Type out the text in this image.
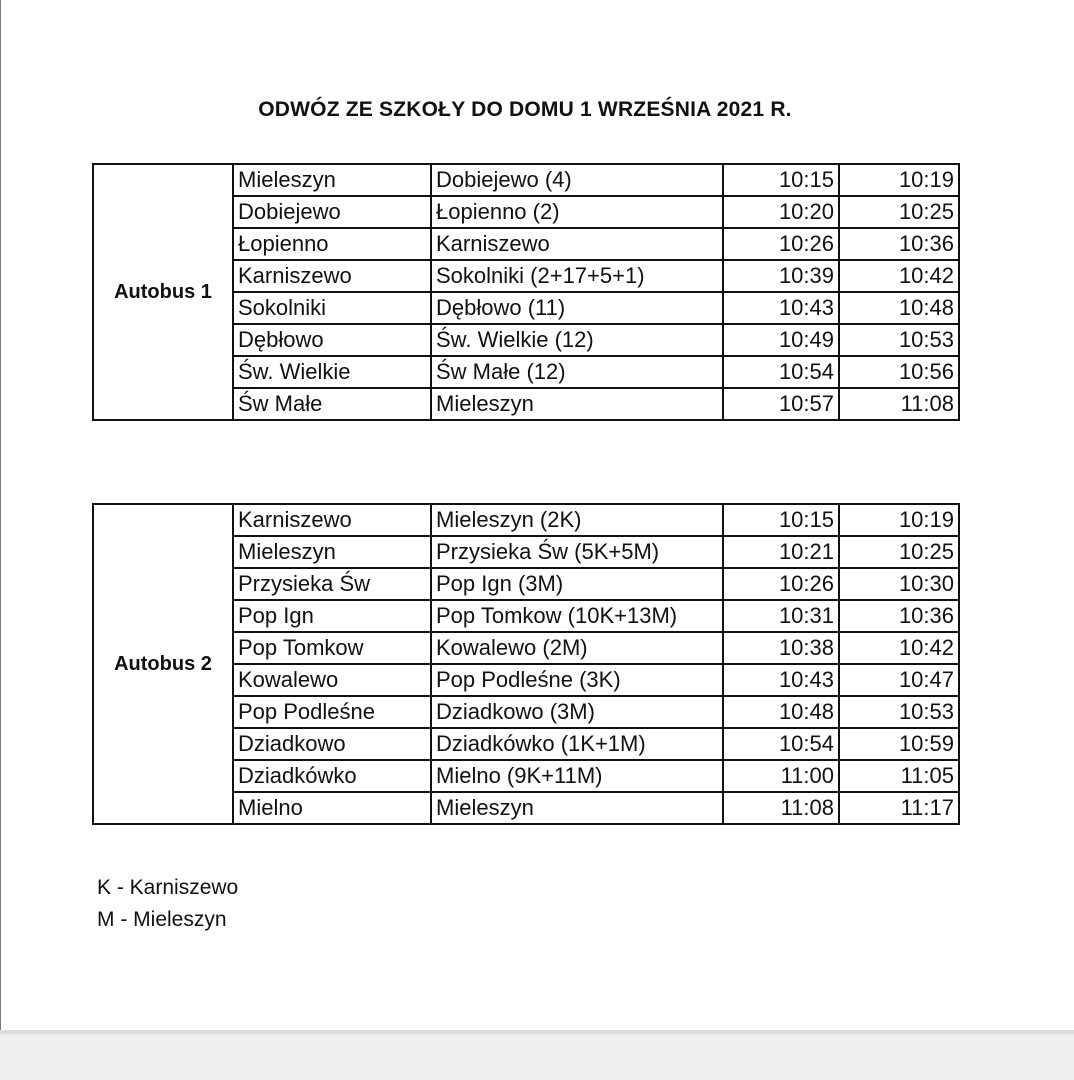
ODWÓZ ZE SZKOŁY DO DOMU 1 WRZEŚNIA 2021 R.
Autobus 1	Mieleszyn	Dobiejewo (4)	10:15	10:19
	Dobiejewo	Łopienno (2)	10:20	10:25
	Łopienno	Karniszewo	10:26	10:36
	Karniszewo	Sokolniki (2+17+5+1)	10:39	10:42
	Sokolniki	Dębłowo (11)	10:43	10:48
	Dębłowo	Św. Wielkie (12)	10:49	10:53
	Św. Wielkie	Św Małe (12)	10:54	10:56
	Św Małe	Mieleszyn	10:57	11:08
Autobus 2	Karniszewo	Mieleszyn (2K)	10:15	10:19
	Mieleszyn	Przysieka Św (5K+5M)	10:21	10:25
	Przysieka Św	Pop Ign (3M)	10:26	10:30
	Pop Ign	Pop Tomkow (10K+13M)	10:31	10:36
	Pop Tomkow	Kowalewo (2M)	10:38	10:42
	Kowalewo	Pop Podleśne (3K)	10:43	10:47
	Pop Podleśne	Dziadkowo (3M)	10:48	10:53
	Dziadkowo	Dziadkówko (1K+1M)	10:54	10:59
	Dziadkówko	Mielno (9K+11M)	11:00	11:05
	Mielno	Mieleszyn	11:08	11:17
K - Karniszewo
M - Mieleszyn
